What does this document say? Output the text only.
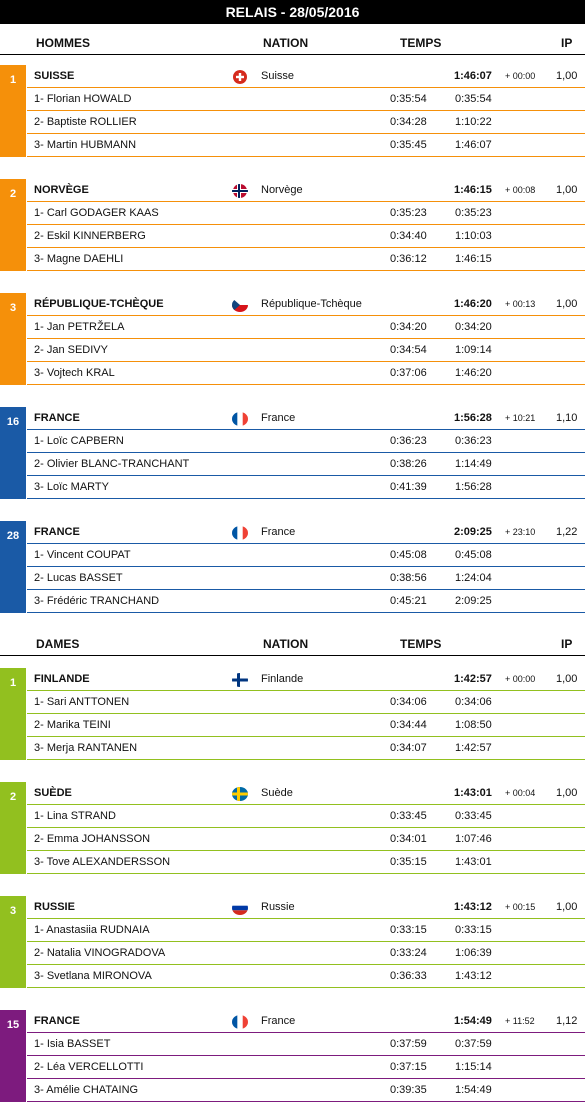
RELAIS - 28/05/2016
HOMMES	NATION	TEMPS	IP
1	SUISSE	Suisse	1:46:07 + 00:00 1,00
1- Florian HOWALD	0:35:54	0:35:54
2- Baptiste ROLLIER	0:34:28	1:10:22
3- Martin HUBMANN	0:35:45	1:46:07
2	NORVÈGE	Norvège	1:46:15 + 00:08 1,00
1- Carl GODAGER KAAS	0:35:23	0:35:23
2- Eskil KINNERBERG	0:34:40	1:10:03
3- Magne DAEHLI	0:36:12	1:46:15
3	RÉPUBLIQUE-TCHÈQUE	République-Tchèque	1:46:20 + 00:13 1,00
1- Jan PETRŽELA	0:34:20	0:34:20
2- Jan SEDIVY	0:34:54	1:09:14
3- Vojtech KRAL	0:37:06	1:46:20
16	FRANCE	France	1:56:28 + 10:21 1,10
1- Loïc CAPBERN	0:36:23	0:36:23
2- Olivier BLANC-TRANCHANT	0:38:26	1:14:49
3- Loïc MARTY	0:41:39	1:56:28
28	FRANCE	France	2:09:25 + 23:10 1,22
1- Vincent COUPAT	0:45:08	0:45:08
2- Lucas BASSET	0:38:56	1:24:04
3- Frédéric TRANCHAND	0:45:21	2:09:25
DAMES	NATION	TEMPS	IP
1	FINLANDE	Finlande	1:42:57 + 00:00 1,00
1- Sari ANTTONEN	0:34:06	0:34:06
2- Marika TEINI	0:34:44	1:08:50
3- Merja RANTANEN	0:34:07	1:42:57
2	SUÈDE	Suède	1:43:01 + 00:04 1,00
1- Lina STRAND	0:33:45	0:33:45
2- Emma JOHANSSON	0:34:01	1:07:46
3- Tove ALEXANDERSSON	0:35:15	1:43:01
3	RUSSIE	Russie	1:43:12 + 00:15 1,00
1- Anastasiia RUDNAIA	0:33:15	0:33:15
2- Natalia VINOGRADOVA	0:33:24	1:06:39
3- Svetlana MIRONOVA	0:36:33	1:43:12
15	FRANCE	France	1:54:49 + 11:52 1,12
1- Isia BASSET	0:37:59	0:37:59
2- Léa VERCELLOTTI	0:37:15	1:15:14
3- Amélie CHATAING	0:39:35	1:54:49
